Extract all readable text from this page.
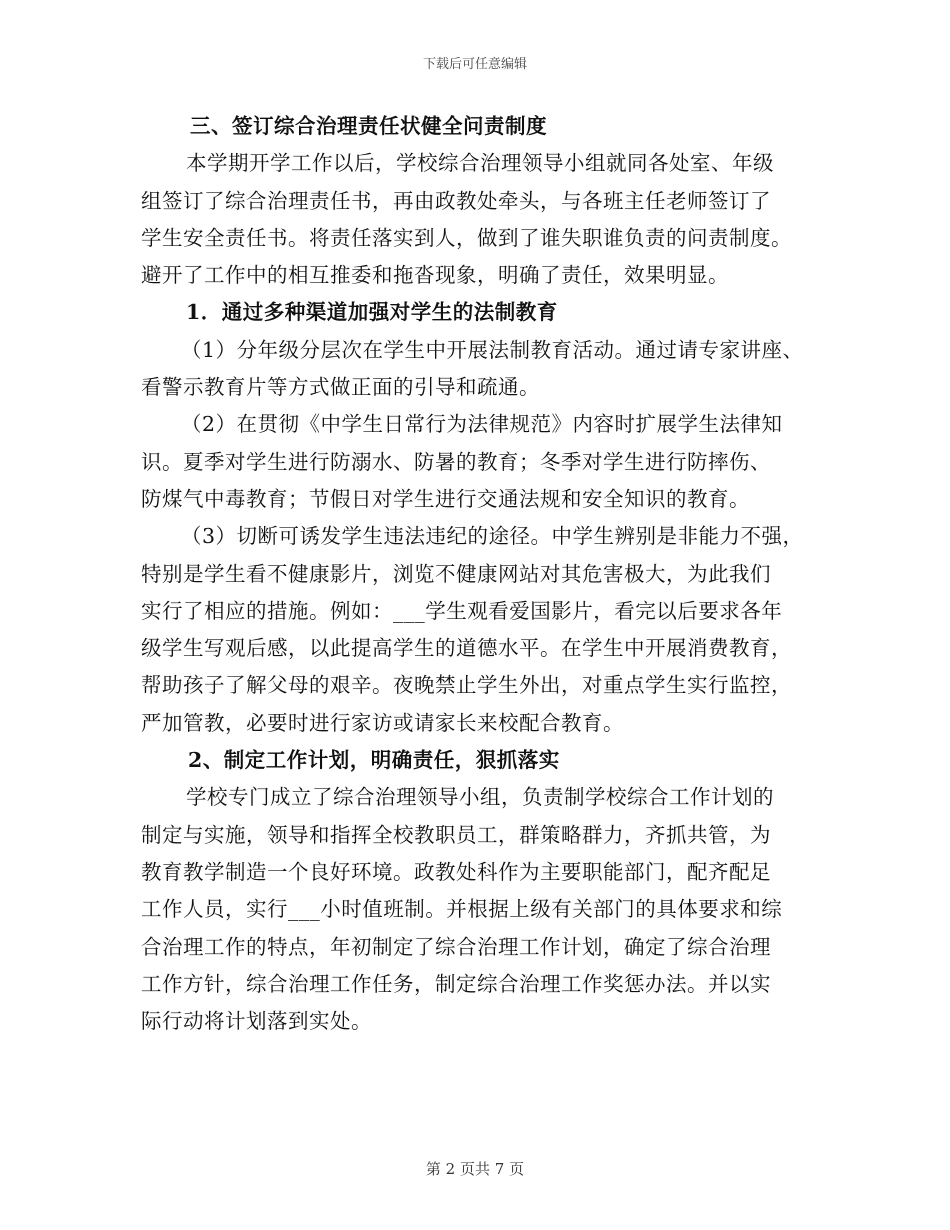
下载后可任意编辑
三、签订综合治理责任状健全问责制度
本学期开学工作以后，学校综合治理领导小组就同各处室、年级
组签订了综合治理责任书，再由政教处牵头，与各班主任老师签订了
学生安全责任书。将责任落实到人，做到了谁失职谁负责的问责制度。
避开了工作中的相互推委和拖沓现象，明确了责任，效果明显。
1．通过多种渠道加强对学生的法制教育
（1）分年级分层次在学生中开展法制教育活动。通过请专家讲座、
看警示教育片等方式做正面的引导和疏通。
（2）在贯彻《中学生日常行为法律规范》内容时扩展学生法律知
识。夏季对学生进行防溺水、防暑的教育；冬季对学生进行防摔伤、
防煤气中毒教育；节假日对学生进行交通法规和安全知识的教育。
（3）切断可诱发学生违法违纪的途径。中学生辨别是非能力不强，
特别是学生看不健康影片，浏览不健康网站对其危害极大，为此我们
实行了相应的措施。例如：___学生观看爱国影片，看完以后要求各年
级学生写观后感，以此提高学生的道德水平。在学生中开展消费教育，
帮助孩子了解父母的艰辛。夜晚禁止学生外出，对重点学生实行监控，
严加管教，必要时进行家访或请家长来校配合教育。
2、制定工作计划，明确责任，狠抓落实
学校专门成立了综合治理领导小组，负责制学校综合工作计划的
制定与实施，领导和指挥全校教职员工，群策略群力，齐抓共管，为
教育教学制造一个良好环境。政教处科作为主要职能部门，配齐配足
工作人员，实行___小时值班制。并根据上级有关部门的具体要求和综
合治理工作的特点，年初制定了综合治理工作计划，确定了综合治理
工作方针，综合治理工作任务，制定综合治理工作奖惩办法。并以实
际行动将计划落到实处。
第 2 页共 7 页
